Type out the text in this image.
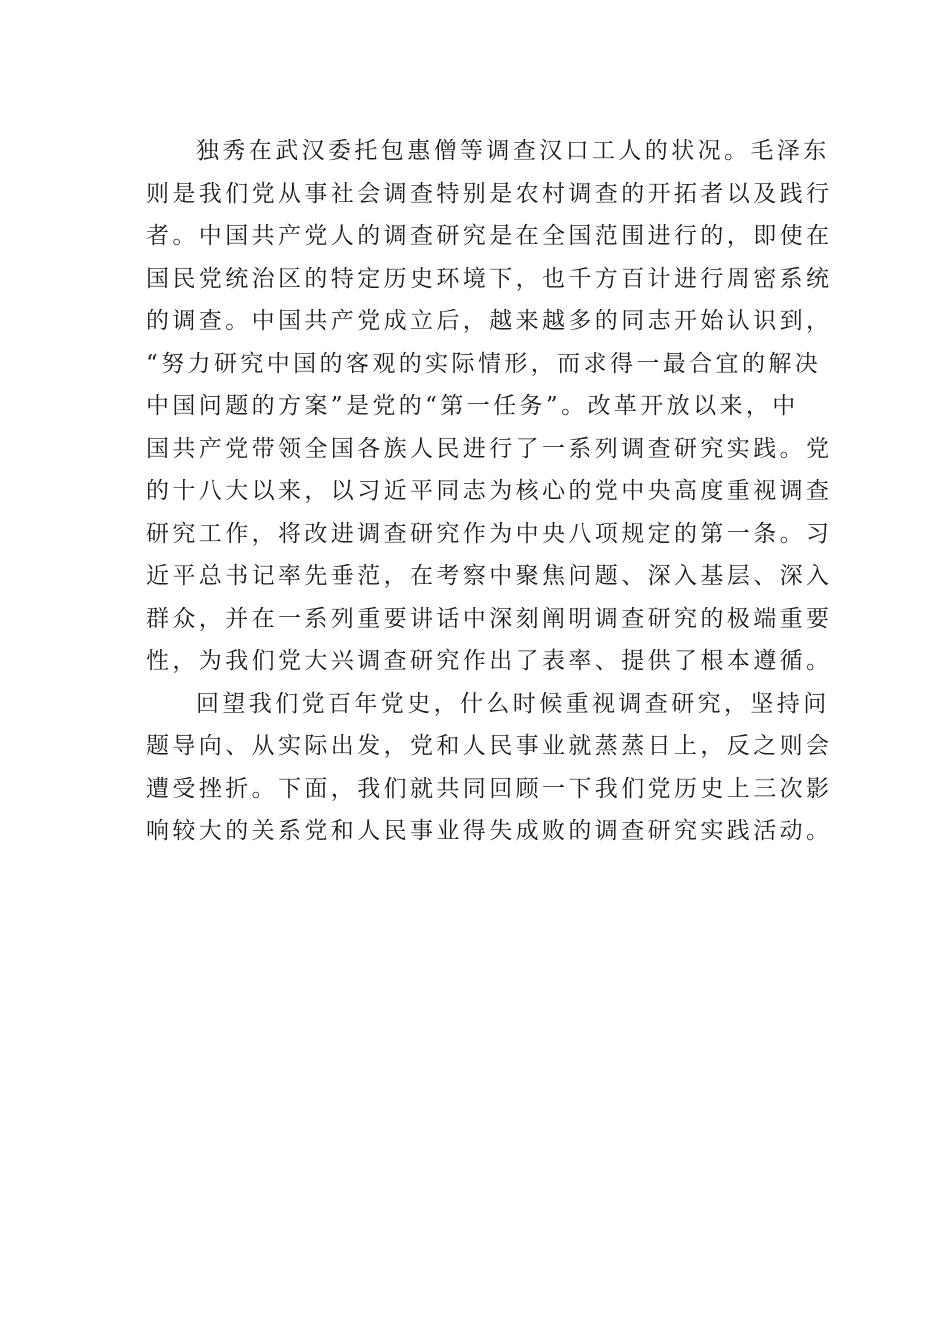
独秀在武汉委托包惠僧等调查汉口工人的状况。毛泽东
则是我们党从事社会调查特别是农村调查的开拓者以及践行
者。中国共产党人的调查研究是在全国范围进行的，即使在
国民党统治区的特定历史环境下，也千方百计进行周密系统
的调查。中国共产党成立后，越来越多的同志开始认识到，
“努力研究中国的客观的实际情形，而求得一最合宜的解决
中国问题的方案”是党的“第一任务”。改革开放以来，中
国共产党带领全国各族人民进行了一系列调查研究实践。党
的十八大以来，以习近平同志为核心的党中央高度重视调查
研究工作，将改进调查研究作为中央八项规定的第一条。习
近平总书记率先垂范，在考察中聚焦问题、深入基层、深入
群众，并在一系列重要讲话中深刻阐明调查研究的极端重要
性，为我们党大兴调查研究作出了表率、提供了根本遵循。
回望我们党百年党史，什么时候重视调查研究，坚持问
题导向、从实际出发，党和人民事业就蒸蒸日上，反之则会
遭受挫折。下面，我们就共同回顾一下我们党历史上三次影
响较大的关系党和人民事业得失成败的调查研究实践活动。
